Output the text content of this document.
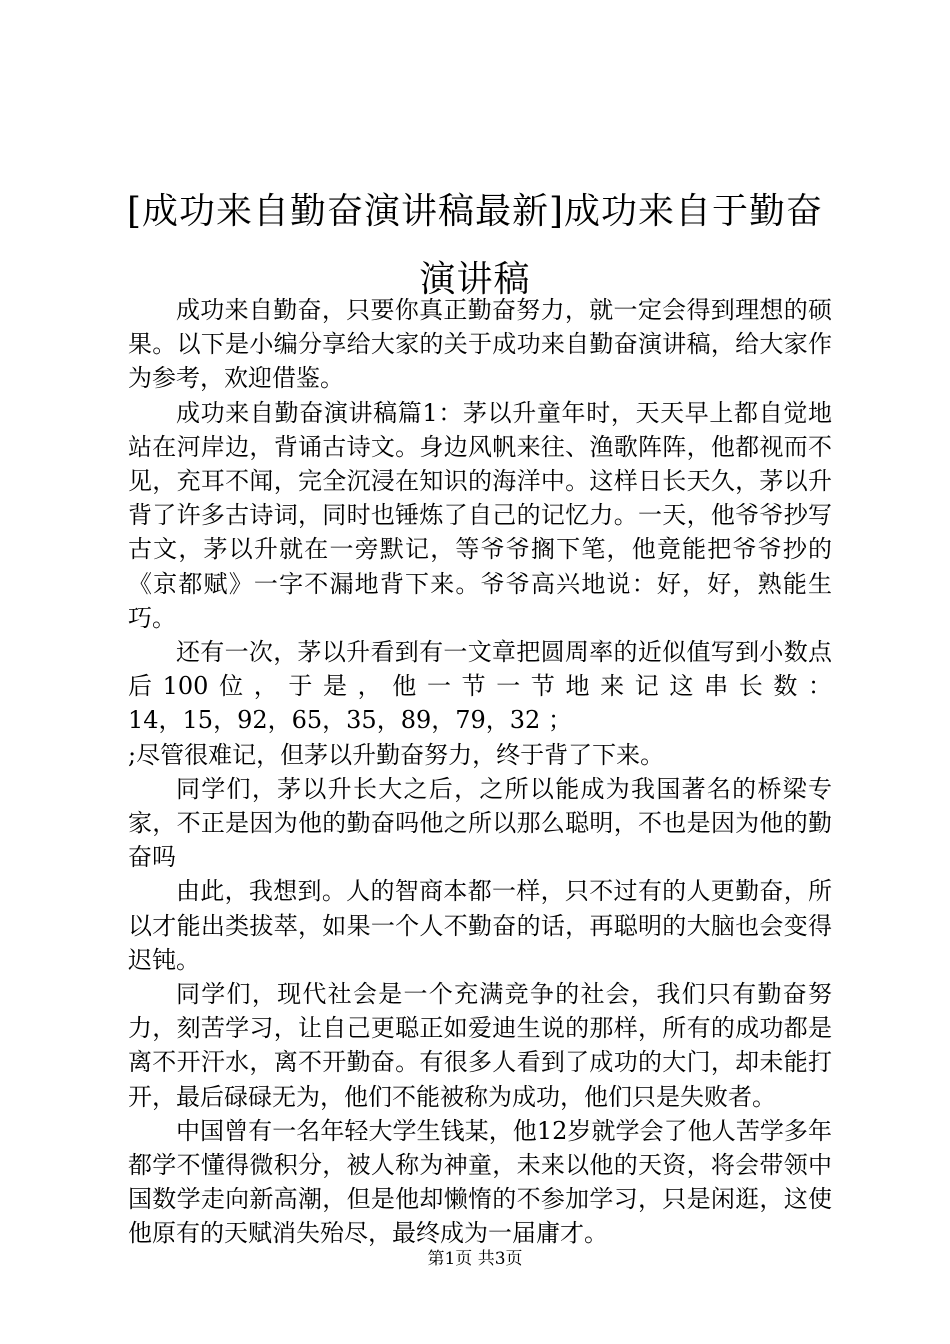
[成功来自勤奋演讲稿最新]成功来自于勤奋演讲稿

成功来自勤奋，只要你真正勤奋努力，就一定会得到理想的硕果。以下是小编分享给大家的关于成功来自勤奋演讲稿，给大家作为参考，欢迎借鉴。

成功来自勤奋演讲稿篇1：茅以升童年时，天天早上都自觉地站在河岸边，背诵古诗文。身边风帆来往、渔歌阵阵，他都视而不见，充耳不闻，完全沉浸在知识的海洋中。这样日长天久，茅以升背了许多古诗词，同时也锤炼了自己的记忆力。一天，他爷爷抄写古文，茅以升就在一旁默记，等爷爷搁下笔，他竟能把爷爷抄的《京都赋》一字不漏地背下来。爷爷高兴地说：好，好，熟能生巧。

还有一次，茅以升看到有一文章把圆周率的近似值写到小数点后100位，于是，他一节一节地来记这串长数：

14，15，92，65，35，89，79，32 ；

;尽管很难记，但茅以升勤奋努力，终于背了下来。

同学们，茅以升长大之后，之所以能成为我国著名的桥梁专家，不正是因为他的勤奋吗他之所以那么聪明，不也是因为他的勤奋吗

由此，我想到。人的智商本都一样，只不过有的人更勤奋，所以才能出类拔萃，如果一个人不勤奋的话，再聪明的大脑也会变得迟钝。

同学们，现代社会是一个充满竞争的社会，我们只有勤奋努力，刻苦学习，让自己更聪正如爱迪生说的那样，所有的成功都是离不开汗水，离不开勤奋。有很多人看到了成功的大门，却未能打开，最后碌碌无为，他们不能被称为成功，他们只是失败者。

中国曾有一名年轻大学生钱某，他12岁就学会了他人苦学多年都学不懂得微积分，被人称为神童，未来以他的天资，将会带领中国数学走向新高潮，但是他却懒惰的不参加学习，只是闲逛，这使他原有的天赋消失殆尽，最终成为一届庸才。

第1页 共3页
